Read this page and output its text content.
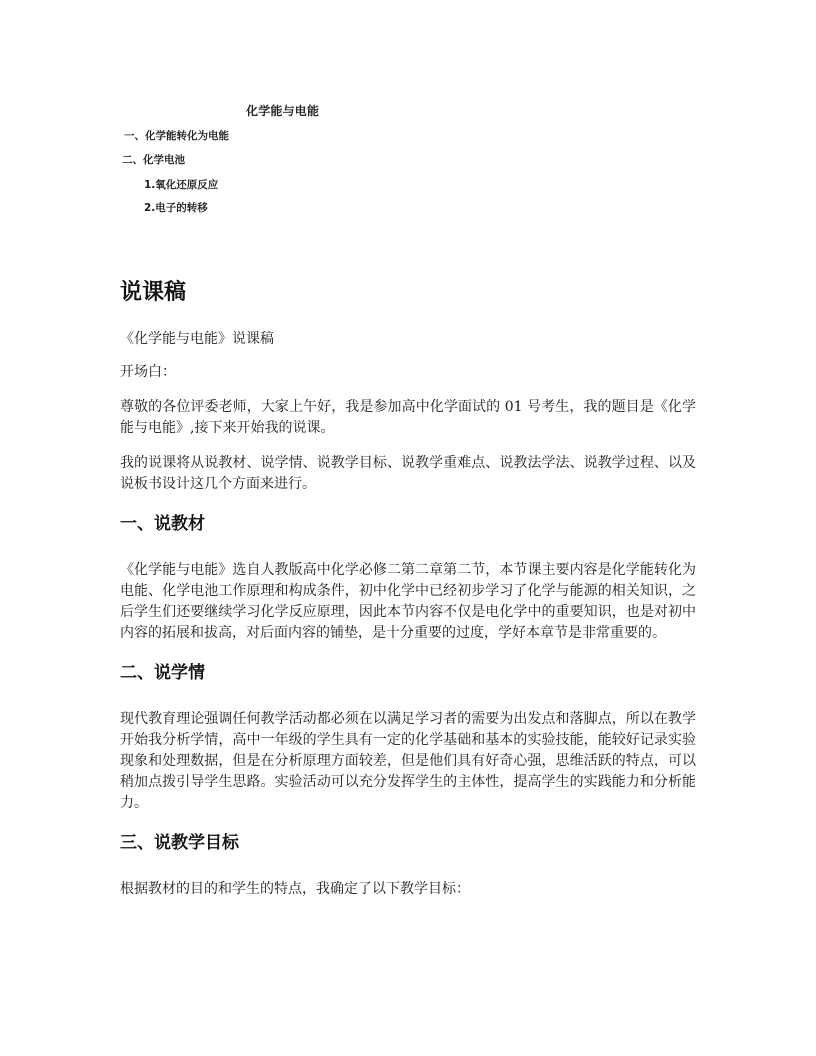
化学能与电能
一、化学能转化为电能
二、化学电池
1.氧化还原反应
2.电子的转移
说课稿

《化学能与电能》说课稿

开场白：

尊敬的各位评委老师，大家上午好，我是参加高中化学面试的 01 号考生，我的题目是《化学能与电能》,接下来开始我的说课。

我的说课将从说教材、说学情、说教学目标、说教学重难点、说教法学法、说教学过程、以及说板书设计这几个方面来进行。

一、说教材

《化学能与电能》选自人教版高中化学必修二第二章第二节，本节课主要内容是化学能转化为电能、化学电池工作原理和构成条件，初中化学中已经初步学习了化学与能源的相关知识，之后学生们还要继续学习化学反应原理，因此本节内容不仅是电化学中的重要知识，也是对初中内容的拓展和拔高，对后面内容的铺垫，是十分重要的过度，学好本章节是非常重要的。

二、说学情

现代教育理论强调任何教学活动都必须在以满足学习者的需要为出发点和落脚点，所以在教学开始我分析学情，高中一年级的学生具有一定的化学基础和基本的实验技能，能较好记录实验现象和处理数据，但是在分析原理方面较差，但是他们具有好奇心强，思维活跃的特点，可以稍加点拨引导学生思路。实验活动可以充分发挥学生的主体性，提高学生的实践能力和分析能力。

三、说教学目标

根据教材的目的和学生的特点，我确定了以下教学目标：
